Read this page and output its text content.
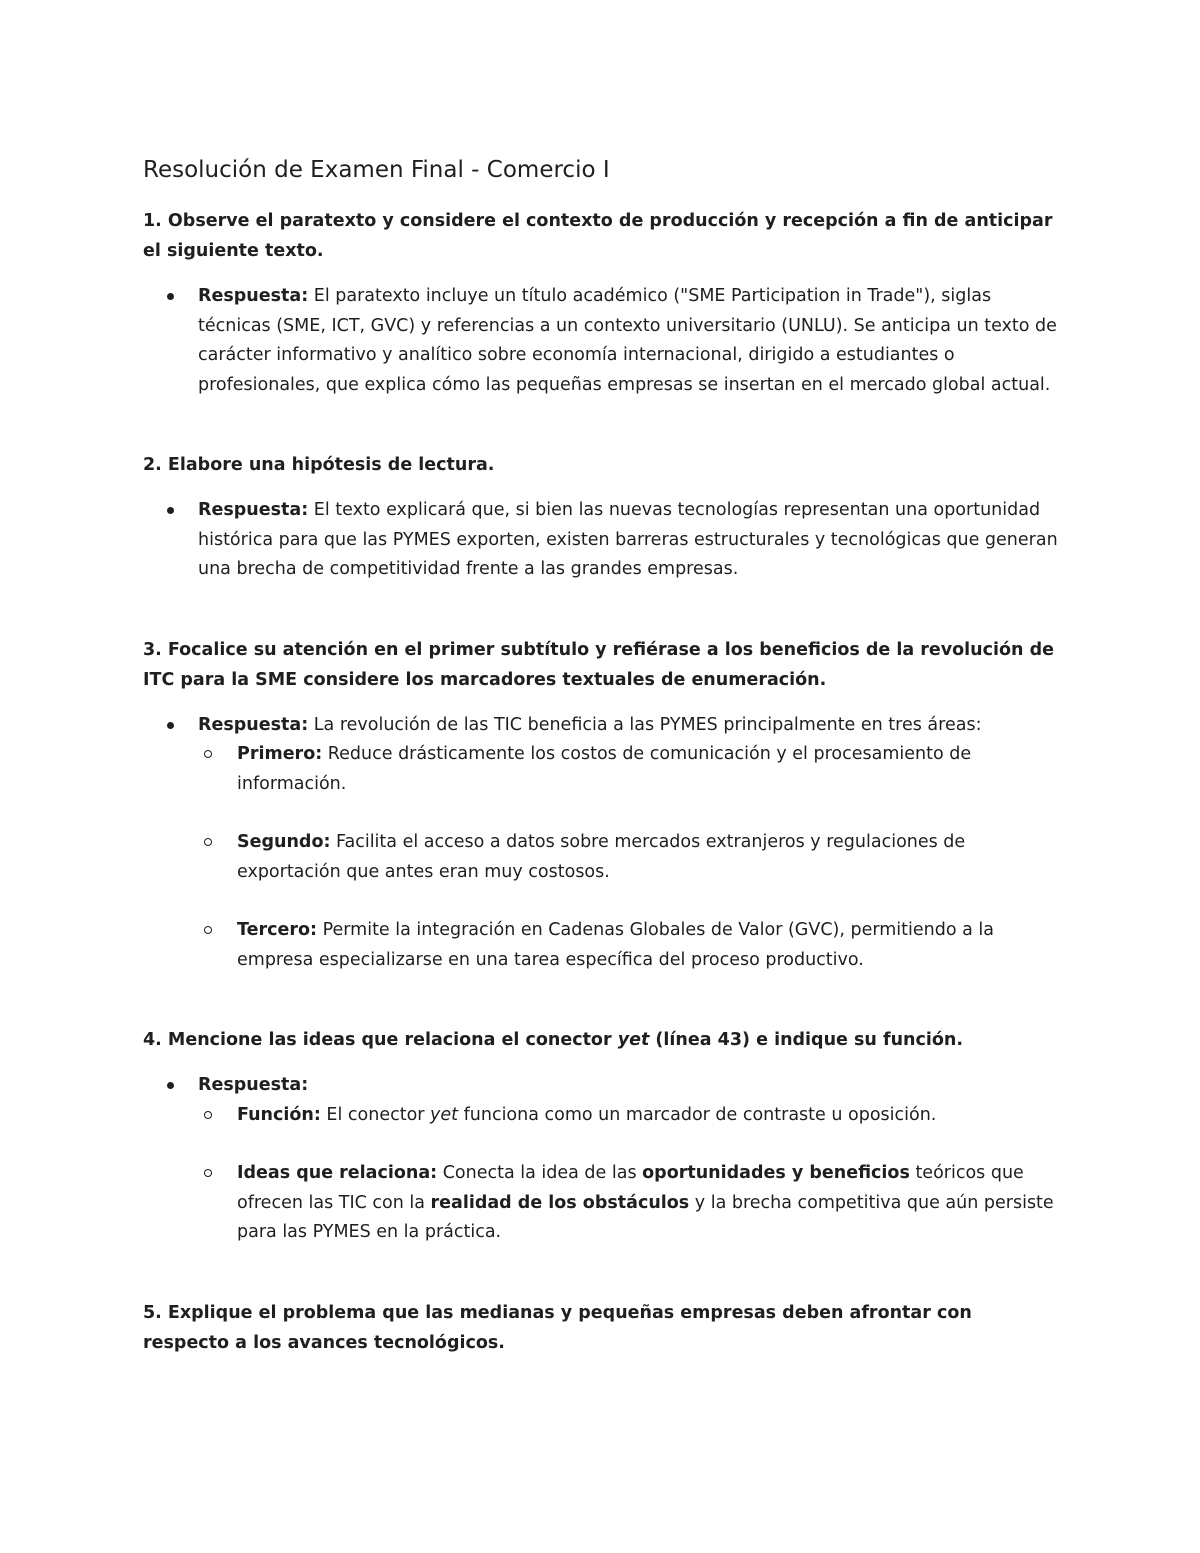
Resolución de Examen Final - Comercio I

1. Observe el paratexto y considere el contexto de producción y recepción a fin de anticipar el siguiente texto.

Respuesta: El paratexto incluye un título académico ("SME Participation in Trade"), siglas técnicas (SME, ICT, GVC) y referencias a un contexto universitario (UNLU). Se anticipa un texto de carácter informativo y analítico sobre economía internacional, dirigido a estudiantes o profesionales, que explica cómo las pequeñas empresas se insertan en el mercado global actual.

2. Elabore una hipótesis de lectura.

Respuesta: El texto explicará que, si bien las nuevas tecnologías representan una oportunidad histórica para que las PYMES exporten, existen barreras estructurales y tecnológicas que generan una brecha de competitividad frente a las grandes empresas.

3. Focalice su atención en el primer subtítulo y refiérase a los beneficios de la revolución de ITC para la SME considere los marcadores textuales de enumeración.

Respuesta: La revolución de las TIC beneficia a las PYMES principalmente en tres áreas:
Primero: Reduce drásticamente los costos de comunicación y el procesamiento de información.
Segundo: Facilita el acceso a datos sobre mercados extranjeros y regulaciones de exportación que antes eran muy costosos.
Tercero: Permite la integración en Cadenas Globales de Valor (GVC), permitiendo a la empresa especializarse en una tarea específica del proceso productivo.

4. Mencione las ideas que relaciona el conector yet (línea 43) e indique su función.

Respuesta:
Función: El conector yet funciona como un marcador de contraste u oposición.
Ideas que relaciona: Conecta la idea de las oportunidades y beneficios teóricos que ofrecen las TIC con la realidad de los obstáculos y la brecha competitiva que aún persiste para las PYMES en la práctica.

5. Explique el problema que las medianas y pequeñas empresas deben afrontar con respecto a los avances tecnológicos.
